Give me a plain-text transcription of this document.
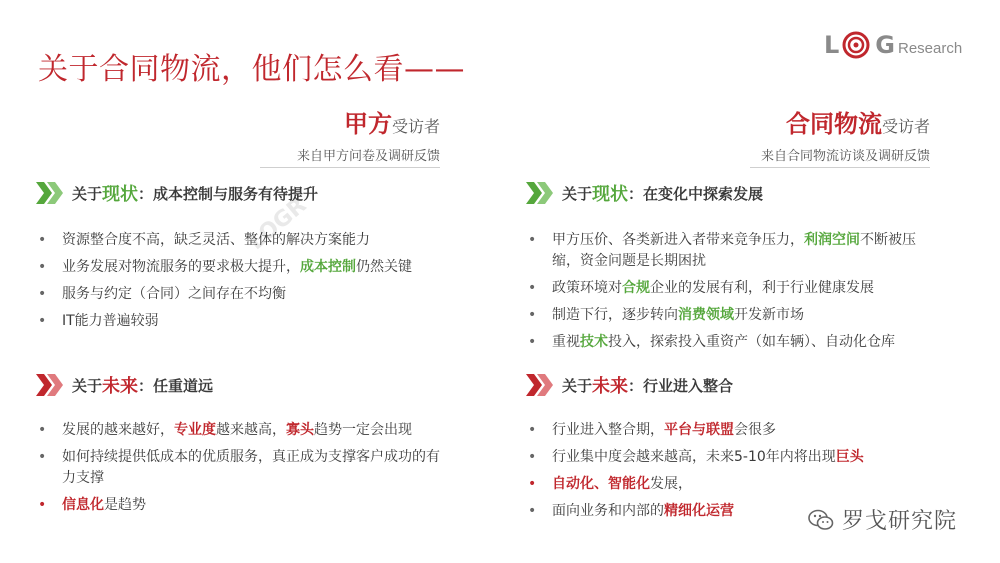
关于合同物流，他们怎么看——
L G Research
LOGR
甲方受访者
来自甲方问卷及调研反馈
关于 现状 ：成本控制与服务有待提升
• 资源整合度不高，缺乏灵活、整体的解决方案能力
• 业务发展对物流服务的要求极大提升，成本控制仍然关键
• 服务与约定（合同）之间存在不均衡
• IT能力普遍较弱
关于 未来 ：任重道远
• 发展的越来越好，专业度越来越高，寡头趋势一定会出现
• 如何持续提供低成本的优质服务，真正成为支撑客户成功的有力支撑
• 信息化是趋势
合同物流受访者
来自合同物流访谈及调研反馈
关于 现状 ：在变化中探索发展
• 甲方压价、各类新进入者带来竞争压力，利润空间不断被压缩，资金问题是长期困扰
• 政策环境对合规企业的发展有利，利于行业健康发展
• 制造下行，逐步转向消费领域开发新市场
• 重视技术投入，探索投入重资产（如车辆）、自动化仓库
关于 未来 ：行业进入整合
• 行业进入整合期，平台与联盟会很多
• 行业集中度会越来越高，未来5-10年内将出现巨头
• 自动化、智能化发展，
• 面向业务和内部的精细化运营	罗戈研究院
